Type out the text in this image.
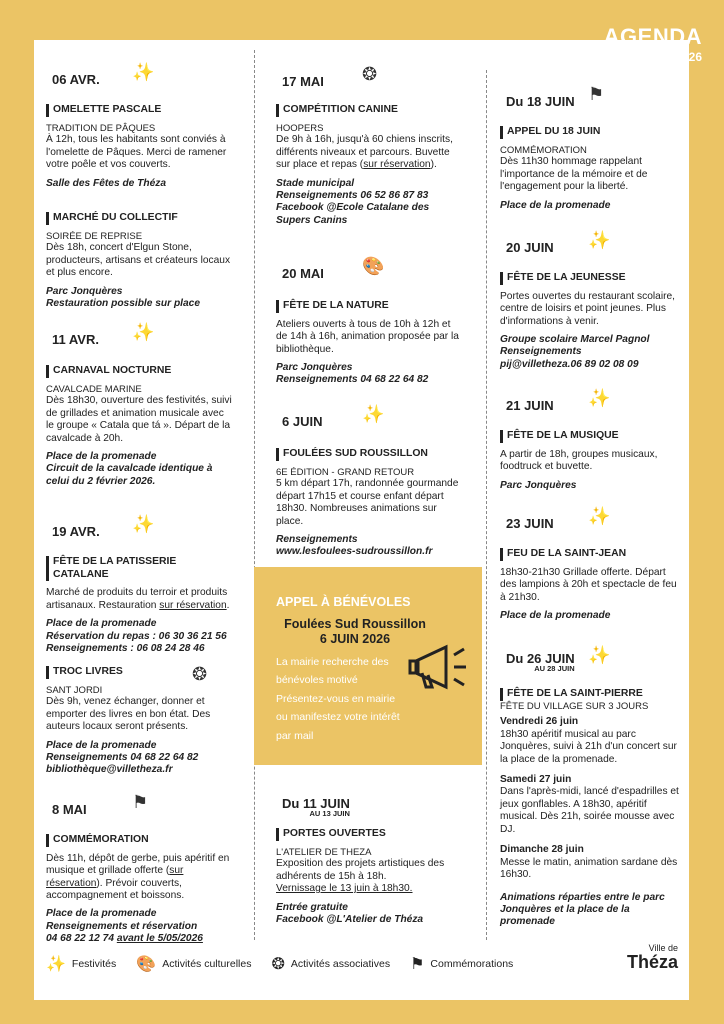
AGENDA
Avril—juin 2026
06 AVR. ✨
OMELETTE PASCALE
TRADITION DE PÂQUES

À 12h, tous les habitants sont conviés à l'omelette de Pâques. Merci de ramener votre poêle et vos couverts.

Salle des Fêtes de Théza

MARCHÉ DU COLLECTIF
SOIRÉE DE REPRISE

Dès 18h, concert d'Elgun Stone, producteurs, artisans et créateurs locaux et plus encore.

Parc Jonquères

Restauration possible sur place

11 AVR. ✨
CARNAVAL NOCTURNE
CAVALCADE MARINE

Dès 18h30, ouverture des festivités, suivi de grillades et animation musicale avec le groupe « Catala que tá ». Départ de la cavalcade à 20h.

Place de la promenade

Circuit de la cavalcade identique à celui du 2 février 2026.

19 AVR. ✨
FÊTE DE LA PATISSERIE CATALANE

Marché de produits du terroir et produits artisanaux. Restauration sur réservation.

Place de la promenade

Réservation du repas : 06 30 36 21 56

Renseignements : 06 08 24 28 46

❂
TROC LIVRES
SANT JORDI

Dès 9h, venez échanger, donner et emporter des livres en bon état. Des auteurs locaux seront présents.

Place de la promenade

Renseignements 04 68 22 64 82

bibliothèque@villetheza.fr

8 MAI	⚑
COMMÉMORATION

Dès 11h, dépôt de gerbe, puis apéritif en musique et grillade offerte (sur réservation). Prévoir couverts, accompagnement et boissons.

Place de la promenade

Renseignements et réservation

04 68 22 12 74 avant le 5/05/2026

17 MAI ❂
COMPÉTITION CANINE
HOOPERS

De 9h à 16h, jusqu'à 60 chiens inscrits, différents niveaux et parcours. Buvette sur place et repas (sur réservation).

Stade municipal

Renseignements 06 52 86 87 83

Facebook @Ecole Catalane des Supers Canins

20 MAI 🎨
FÊTE DE LA NATURE

Ateliers ouverts à tous de 10h à 12h et de 14h à 16h, animation proposée par la bibliothèque.

Parc Jonquères

Renseignements 04 68 22 64 82

6 JUIN ✨
FOULÉES SUD ROUSSILLON
6E ÉDITION - GRAND RETOUR

5 km départ 17h, randonnée gourmande départ 17h15 et course enfant départ 18h30. Nombreuses animations sur place.

Renseignements

www.lesfoulees-sudroussillon.fr

APPEL À BÉNÉVOLES
Foulées Sud Roussillon
6 JUIN 2026
La mairie recherche des bénévoles motivé Présentez-vous en mairie ou manifestez votre intérêt par mail
Du 11 JUIN
AU 13 JUIN
PORTES OUVERTES
L'ATELIER DE THEZA

Exposition des projets artistiques des adhérents de 15h à 18h.

Vernissage le 13 juin à 18h30.

Entrée gratuite

Facebook @L'Atelier de Théza

Du 18 JUIN ⚑
APPEL DU 18 JUIN
COMMÉMORATION

Dès 11h30 hommage rappelant l'importance de la mémoire et de l'engagement pour la liberté.

Place de la promenade

20 JUIN ✨
FÊTE DE LA JEUNESSE

Portes ouvertes du restaurant scolaire, centre de loisirs et point jeunes. Plus d'informations à venir.

Groupe scolaire Marcel Pagnol

Renseignements

pij@villetheza.06 89 02 08 09

21 JUIN ✨
FÊTE DE LA MUSIQUE

A partir de 18h, groupes musicaux, foodtruck et buvette.

Parc Jonquères

23 JUIN ✨
FEU DE LA SAINT-JEAN

18h30-21h30 Grillade offerte. Départ des lampions à 20h et spectacle de feu à 21h30.

Place de la promenade

Du 26 JUIN
AU 28 JUIN
✨
FÊTE DE LA SAINT-PIERRE
FÊTE DU VILLAGE SUR 3 JOURS

Vendredi 26 juin

18h30 apéritif musical au parc Jonquères, suivi à 21h d'un concert sur la place de la promenade.

Samedi 27 juin

Dans l'après-midi, lancé d'espadrilles et jeux gonflables. A 18h30, apéritif musical. Dès 21h, soirée mousse avec DJ.

Dimanche 28 juin

Messe le matin, animation sardane dès 16h30.

Animations réparties entre le parc Jonquères et la place de la promenade

✨ Festivités 🎨 Activités culturelles ❂ Activités associatives ⚑ Commémorations
Ville de
Théza
